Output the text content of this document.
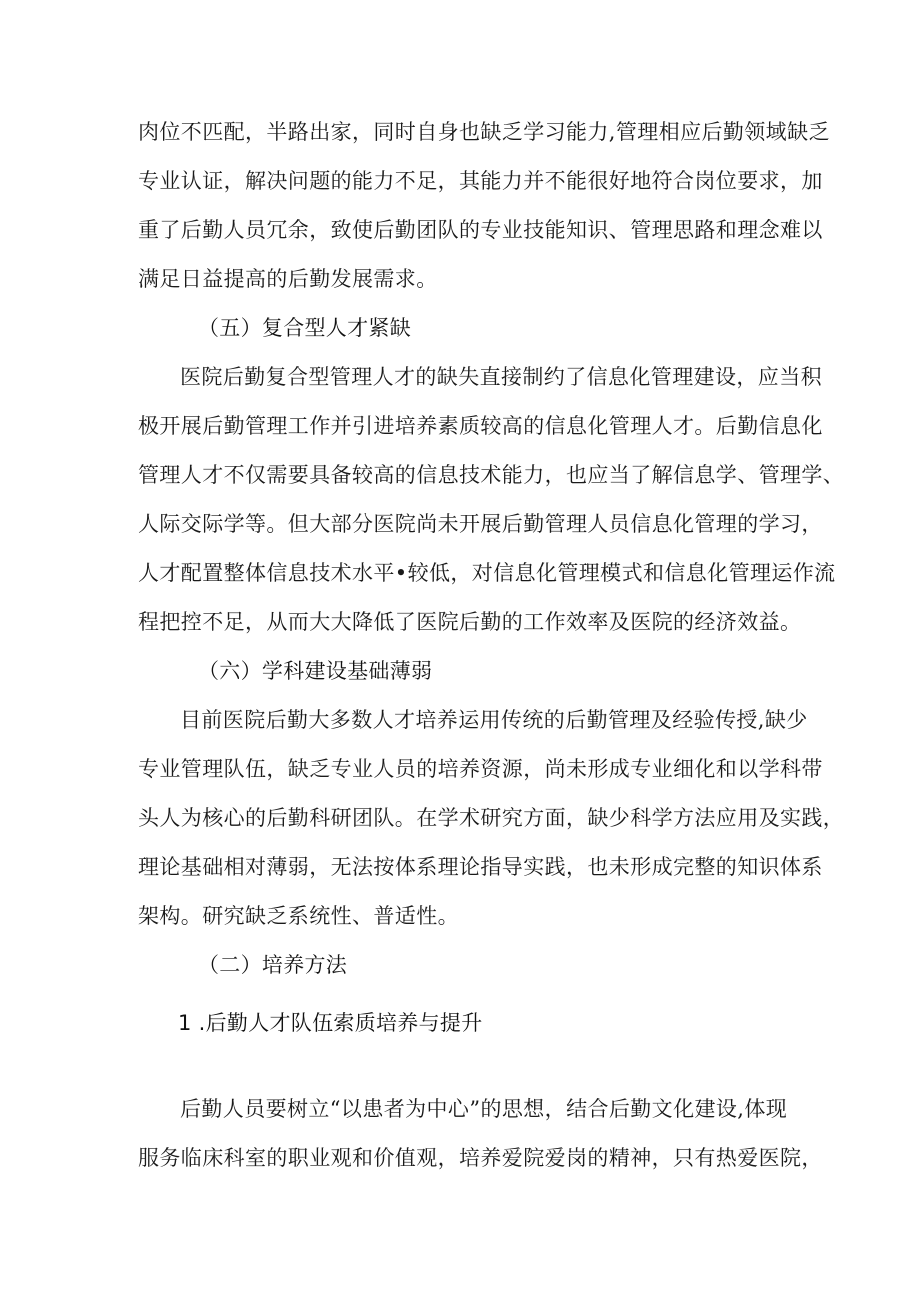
肉位不匹配，半路出家，同时自身也缺乏学习能力,管理相应后勤领域缺乏
专业认证，解决问题的能力不足，其能力并不能很好地符合岗位要求，加
重了后勤人员冗余，致使后勤团队的专业技能知识、管理思路和理念难以
满足日益提高的后勤发展需求。
（五）复合型人才紧缺
医院后勤复合型管理人才的缺失直接制约了信息化管理建设，应当积
极开展后勤管理工作并引进培养素质较高的信息化管理人才。后勤信息化
管理人才不仅需要具备较高的信息技术能力，也应当了解信息学、管理学、
人际交际学等。但大部分医院尚未开展后勤管理人员信息化管理的学习，
人才配置整体信息技术水平•较低，对信息化管理模式和信息化管理运作流
程把控不足，从而大大降低了医院后勤的工作效率及医院的经济效益。
（六）学科建设基础薄弱
目前医院后勤大多数人才培养运用传统的后勤管理及经验传授,缺少
专业管理队伍，缺乏专业人员的培养资源，尚未形成专业细化和以学科带
头人为核心的后勤科研团队。在学术研究方面，缺少科学方法应用及实践，
理论基础相对薄弱，无法按体系理论指导实践，也未形成完整的知识体系
架构。研究缺乏系统性、普适性。
（二）培养方法
1 .后勤人才队伍索质培养与提升
后勤人员要树立“以患者为中心”的思想，结合后勤文化建设,体现
服务临床科室的职业观和价值观，培养爱院爱岗的精神，只有热爱医院，
